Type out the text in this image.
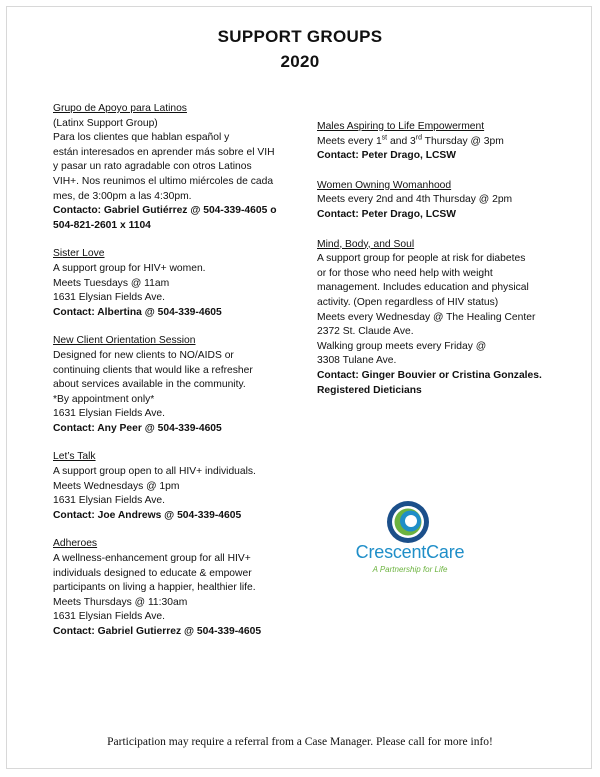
SUPPORT GROUPS
2020
Grupo de Apoyo para Latinos
(Latinx Support Group)
Para los clientes que hablan español y
están interesados en aprender más sobre el VIH
y pasar un rato agradable con otros Latinos
VIH+. Nos reunimos el ultimo miércoles de cada
mes, de 3:00pm a las 4:30pm.
Contacto: Gabriel Gutiérrez @ 504-339-4605 o
504-821-2601 x 1104
Sister Love
A support group for HIV+ women.
Meets Tuesdays @ 11am
1631 Elysian Fields Ave.
Contact: Albertina @ 504-339-4605
New Client Orientation Session
Designed for new clients to NO/AIDS or
continuing clients that would like a refresher
about services available in the community.
*By appointment only*
1631 Elysian Fields Ave.
Contact: Any Peer @ 504-339-4605
Let’s Talk
A support group open to all HIV+ individuals.
Meets Wednesdays @ 1pm
1631 Elysian Fields Ave.
Contact: Joe Andrews @ 504-339-4605
Adheroes
A wellness-enhancement group for all HIV+
individuals designed to educate & empower
participants on living a happier, healthier life.
Meets Thursdays @ 11:30am
1631 Elysian Fields Ave.
Contact: Gabriel Gutierrez @ 504-339-4605
Males Aspiring to Life Empowerment
Meets every 1st and 3rd Thursday @ 3pm
Contact: Peter Drago, LCSW
Women Owning Womanhood
Meets every 2nd and 4th Thursday @ 2pm
Contact: Peter Drago, LCSW
Mind, Body, and Soul
A support group for people at risk for diabetes
or for those who need help with weight
management. Includes education and physical
activity. (Open regardless of HIV status)
Meets every Wednesday @ The Healing Center
2372 St. Claude Ave.
Walking group meets every Friday @
3308 Tulane Ave.
Contact: Ginger Bouvier or Cristina Gonzales.
Registered Dieticians
CrescentCare
A Partnership for Life
Participation may require a referral from a Case Manager. Please call for more info!
